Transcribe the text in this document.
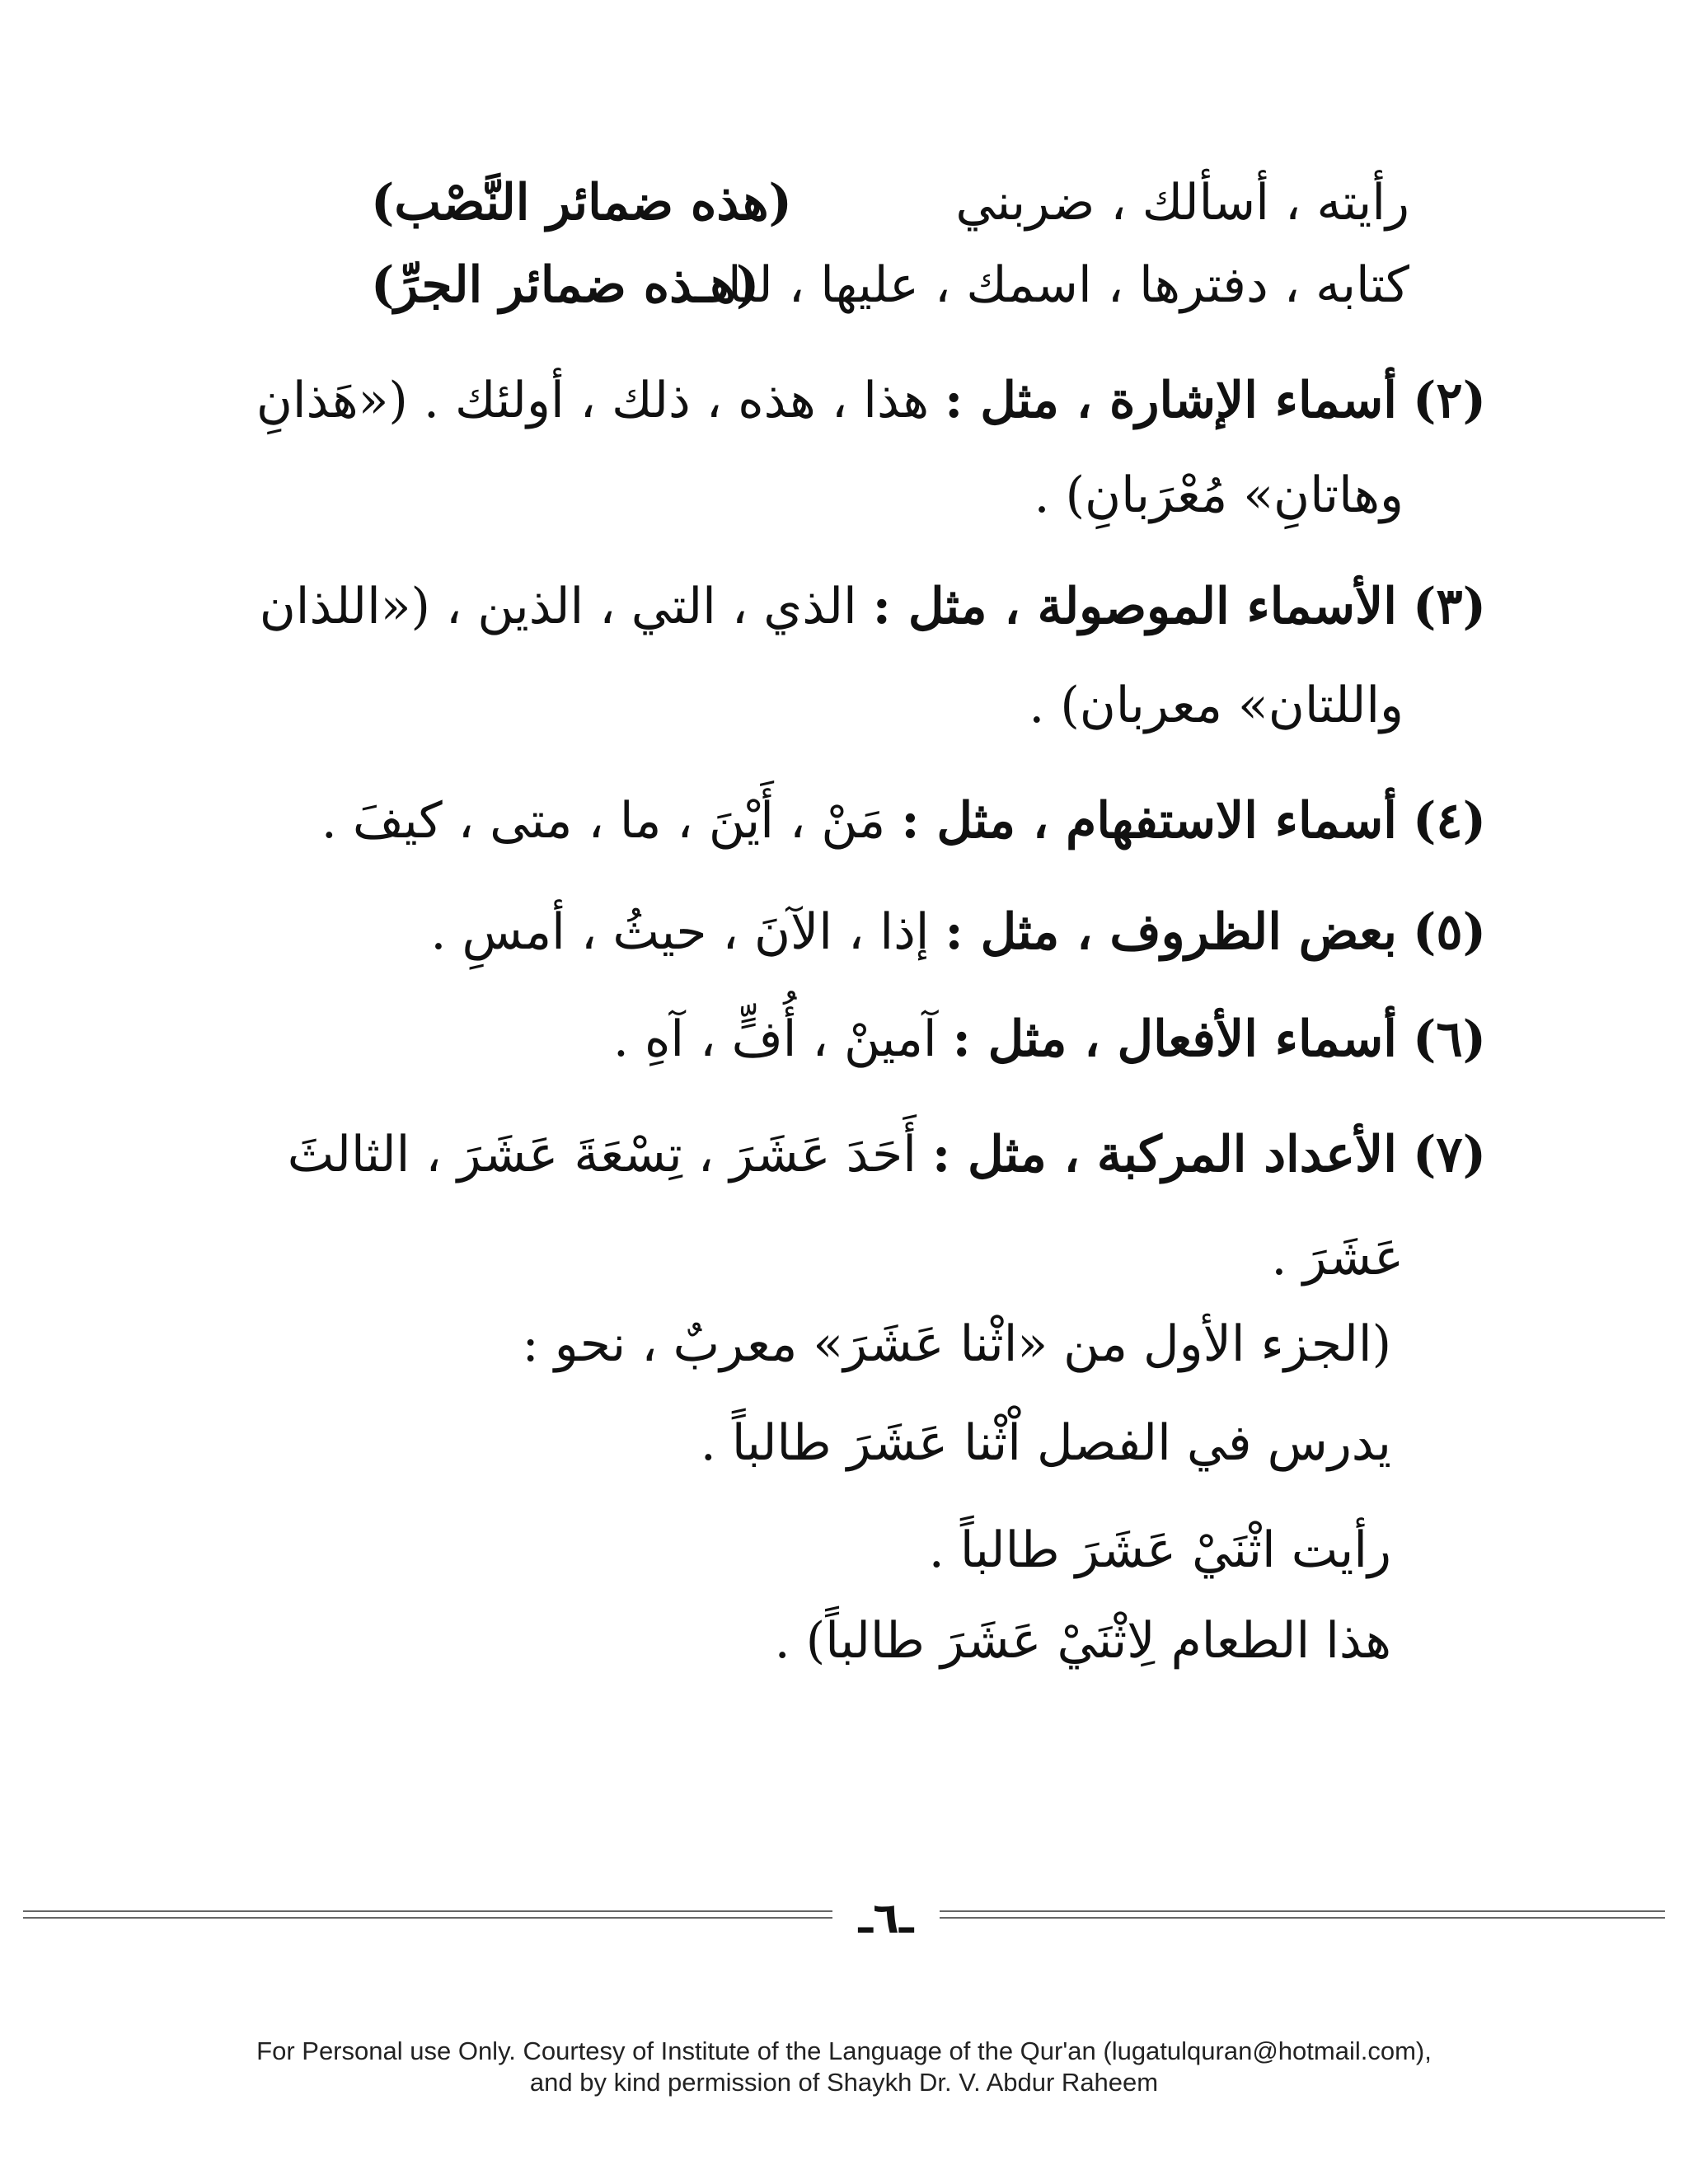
رأيته ، أسألك ، ضربني
(هذه ضمائر النَّصْب)
كتابه ، دفترها ، اسمك ، عليها ، لنا
(هـذه ضمائر الجرِّ)
(٢) أسماء الإشارة ، مثل : هذا ، هذه ، ذلك ، أولئك . («هَذانِ
وهاتانِ» مُعْرَبانِ) .
(٣) الأسماء الموصولة ، مثل : الذي ، التي ، الذين ، («اللذان
واللتان» معربان) .
(٤) أسماء الاستفهام ، مثل : مَنْ ، أَيْنَ ، ما ، متى ، كيفَ .
(٥) بعض الظروف ، مثل : إذا ، الآنَ ، حيثُ ، أمسِ .
(٦) أسماء الأفعال ، مثل : آمينْ ، أُفٍّ ، آهِ .
(٧) الأعداد المركبة ، مثل : أَحَدَ عَشَرَ ، تِسْعَةَ عَشَرَ ، الثالثَ
عَشَرَ .
(الجزء الأول من «اثْنا عَشَرَ» معربٌ ، نحو :
يدرس في الفصل اْثْنا عَشَرَ طالباً .
رأيت اثْنَيْ عَشَرَ طالباً .
هذا الطعام لِاثْنَيْ عَشَرَ طالباً) .
ـ٦ـ
For Personal use Only. Courtesy of Institute of the Language of the Qur'an (lugatulquran@hotmail.com),
and by kind permission of Shaykh Dr. V. Abdur Raheem
